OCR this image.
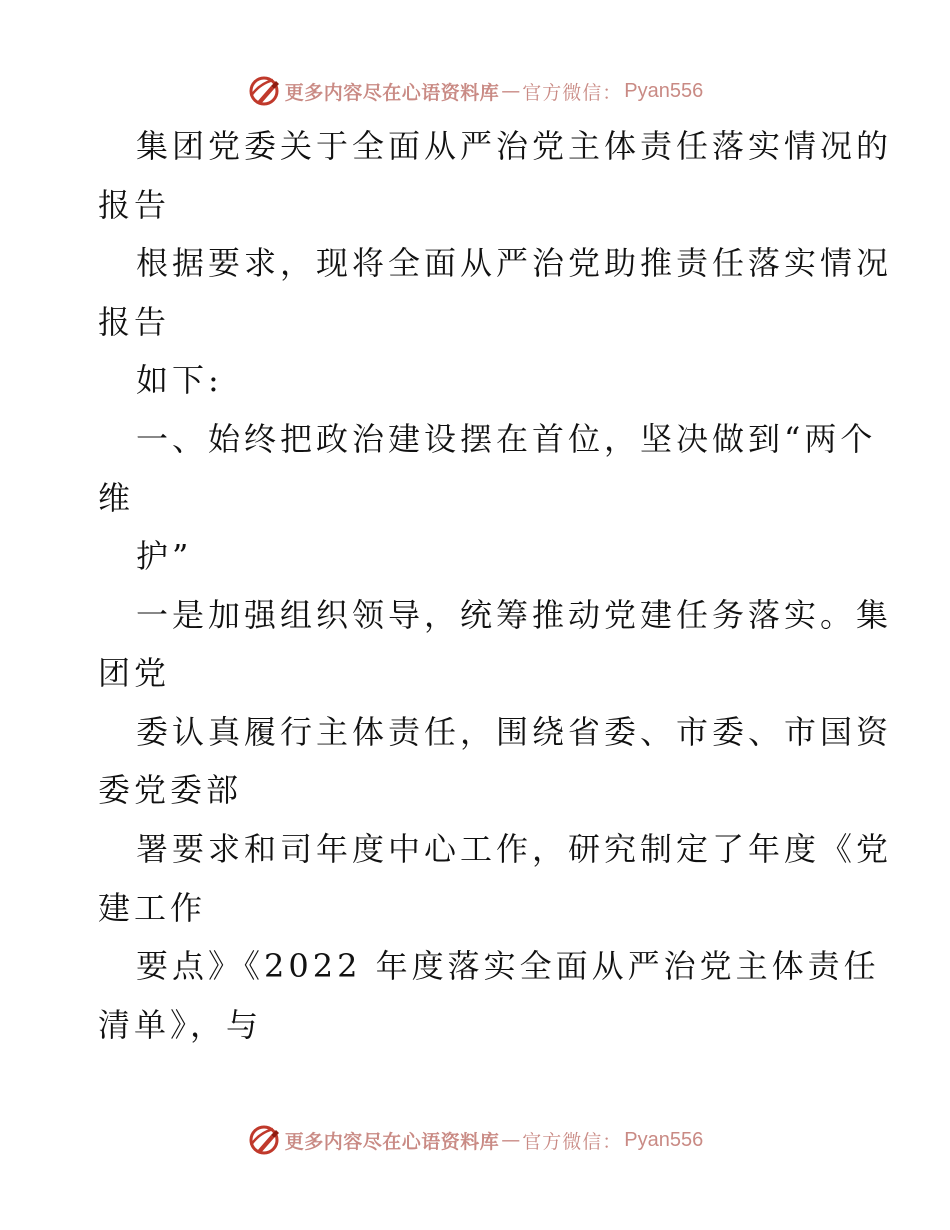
更多内容尽在心语资料库 — 官方微信： Pyan556
集团党委关于全面从严治党主体责任落实情况的
报告
根据要求，现将全面从严治党助推责任落实情况
报告
如下:
一、始终把政治建设摆在首位，坚决做到“两个
维
护”
一是加强组织领导，统筹推动党建任务落实。集
团党
委认真履行主体责任，围绕省委、市委、市国资
委党委部
署要求和司年度中心工作，研究制定了年度《党
建工作
要点》《2022 年度落实全面从严治党主体责任
清单》，与
更多内容尽在心语资料库 — 官方微信： Pyan556
